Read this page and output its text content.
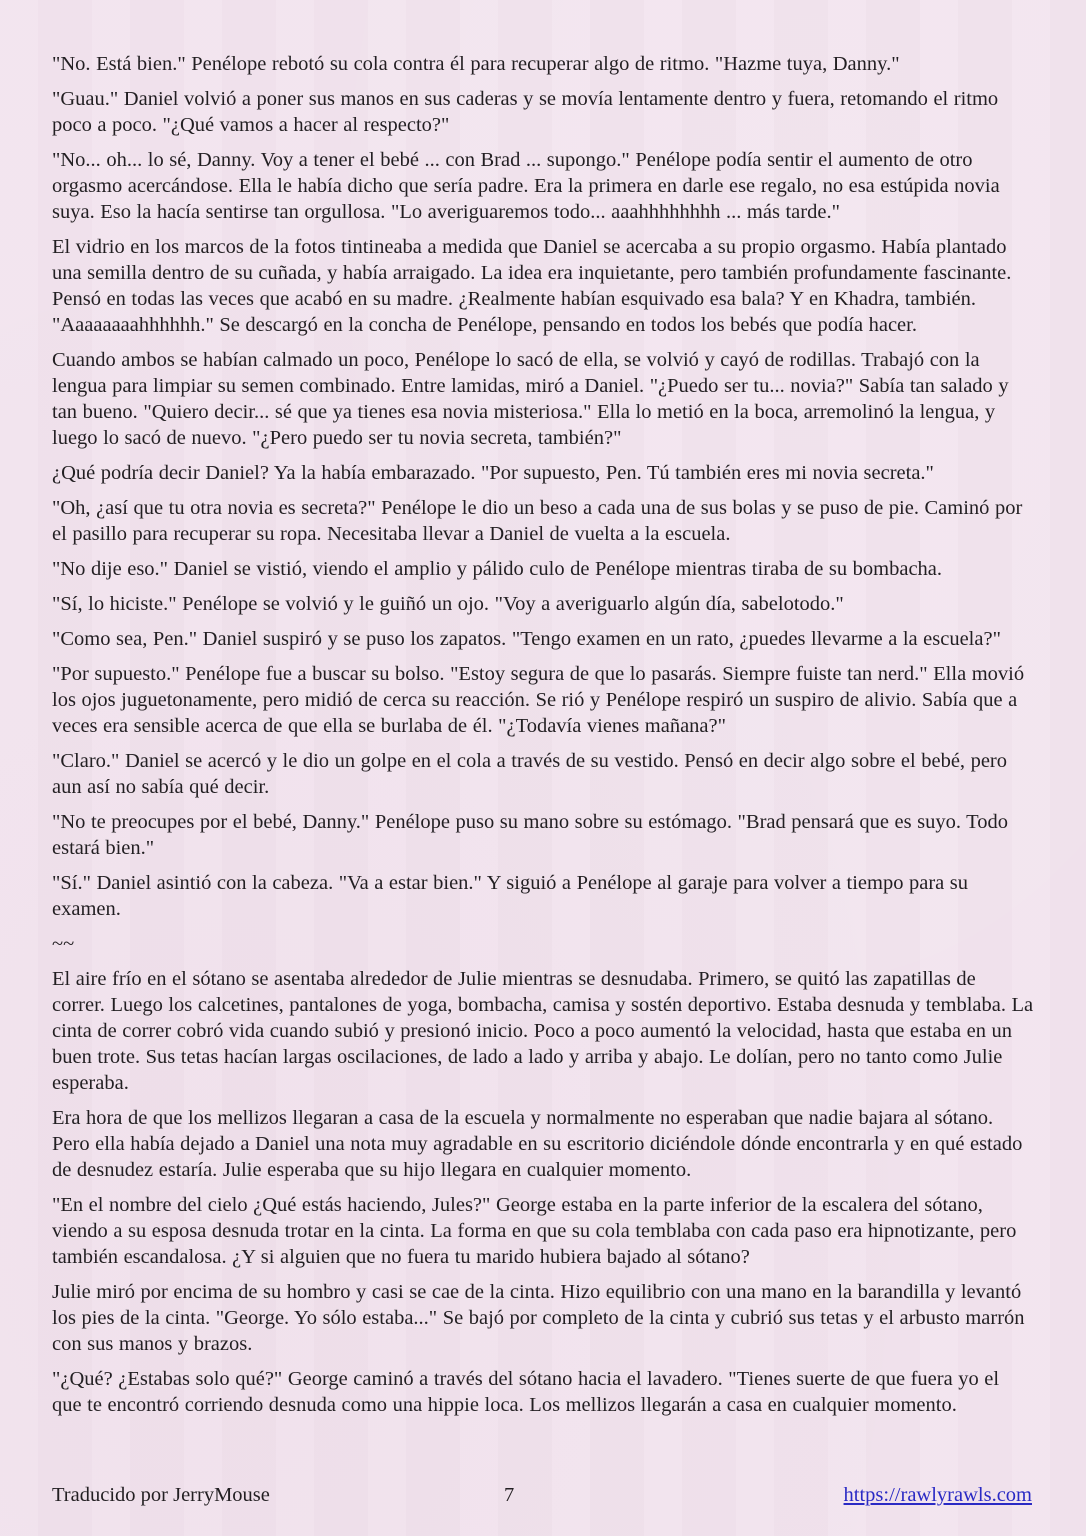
"No. Está bien." Penélope rebotó su cola contra él para recuperar algo de ritmo. "Hazme tuya, Danny."

"Guau." Daniel volvió a poner sus manos en sus caderas y se movía lentamente dentro y fuera, retomando el ritmo poco a poco. "¿Qué vamos a hacer al respecto?"

"No... oh... lo sé, Danny. Voy a tener el bebé ... con Brad ... supongo." Penélope podía sentir el aumento de otro orgasmo acercándose. Ella le había dicho que sería padre. Era la primera en darle ese regalo, no esa estúpida novia suya. Eso la hacía sentirse tan orgullosa. "Lo averiguaremos todo... aaahhhhhhhh ... más tarde."

El vidrio en los marcos de la fotos tintineaba a medida que Daniel se acercaba a su propio orgasmo. Había plantado una semilla dentro de su cuñada, y había arraigado. La idea era inquietante, pero también profundamente fascinante. Pensó en todas las veces que acabó en su madre. ¿Realmente habían esquivado esa bala? Y en Khadra, también. "Aaaaaaaahhhhhh." Se descargó en la concha de Penélope, pensando en todos los bebés que podía hacer.

Cuando ambos se habían calmado un poco, Penélope lo sacó de ella, se volvió y cayó de rodillas. Trabajó con la lengua para limpiar su semen combinado. Entre lamidas, miró a Daniel. "¿Puedo ser tu... novia?" Sabía tan salado y tan bueno. "Quiero decir... sé que ya tienes esa novia misteriosa." Ella lo metió en la boca, arremolinó la lengua, y luego lo sacó de nuevo. "¿Pero puedo ser tu novia secreta, también?"

¿Qué podría decir Daniel? Ya la había embarazado. "Por supuesto, Pen. Tú también eres mi novia secreta."

"Oh, ¿así que tu otra novia es secreta?" Penélope le dio un beso a cada una de sus bolas y se puso de pie. Caminó por el pasillo para recuperar su ropa. Necesitaba llevar a Daniel de vuelta a la escuela.

"No dije eso." Daniel se vistió, viendo el amplio y pálido culo de Penélope mientras tiraba de su bombacha.

"Sí, lo hiciste." Penélope se volvió y le guiñó un ojo. "Voy a averiguarlo algún día, sabelotodo."

"Como sea, Pen." Daniel suspiró y se puso los zapatos. "Tengo examen en un rato, ¿puedes llevarme a la escuela?"

"Por supuesto." Penélope fue a buscar su bolso. "Estoy segura de que lo pasarás. Siempre fuiste tan nerd." Ella movió los ojos juguetonamente, pero midió de cerca su reacción. Se rió y Penélope respiró un suspiro de alivio. Sabía que a veces era sensible acerca de que ella se burlaba de él. "¿Todavía vienes mañana?"

"Claro." Daniel se acercó y le dio un golpe en el cola a través de su vestido. Pensó en decir algo sobre el bebé, pero aun así no sabía qué decir.

"No te preocupes por el bebé, Danny." Penélope puso su mano sobre su estómago. "Brad pensará que es suyo. Todo estará bien."

"Sí." Daniel asintió con la cabeza. "Va a estar bien." Y siguió a Penélope al garaje para volver a tiempo para su examen.

~~

El aire frío en el sótano se asentaba alrededor de Julie mientras se desnudaba. Primero, se quitó las zapatillas de correr. Luego los calcetines, pantalones de yoga, bombacha, camisa y sostén deportivo. Estaba desnuda y temblaba. La cinta de correr cobró vida cuando subió y presionó inicio. Poco a poco aumentó la velocidad, hasta que estaba en un buen trote. Sus tetas hacían largas oscilaciones, de lado a lado y arriba y abajo. Le dolían, pero no tanto como Julie esperaba.

Era hora de que los mellizos llegaran a casa de la escuela y normalmente no esperaban que nadie bajara al sótano. Pero ella había dejado a Daniel una nota muy agradable en su escritorio diciéndole dónde encontrarla y en qué estado de desnudez estaría. Julie esperaba que su hijo llegara en cualquier momento.

"En el nombre del cielo ¿Qué estás haciendo, Jules?" George estaba en la parte inferior de la escalera del sótano, viendo a su esposa desnuda trotar en la cinta. La forma en que su cola temblaba con cada paso era hipnotizante, pero también escandalosa. ¿Y si alguien que no fuera tu marido hubiera bajado al sótano?

Julie miró por encima de su hombro y casi se cae de la cinta. Hizo equilibrio con una mano en la barandilla y levantó los pies de la cinta. "George. Yo sólo estaba..." Se bajó por completo de la cinta y cubrió sus tetas y el arbusto marrón con sus manos y brazos.

"¿Qué? ¿Estabas solo qué?" George caminó a través del sótano hacia el lavadero. "Tienes suerte de que fuera yo el que te encontró corriendo desnuda como una hippie loca. Los mellizos llegarán a casa en cualquier momento.

Traducido por JerryMouse	7	https://rawlyrawls.com
